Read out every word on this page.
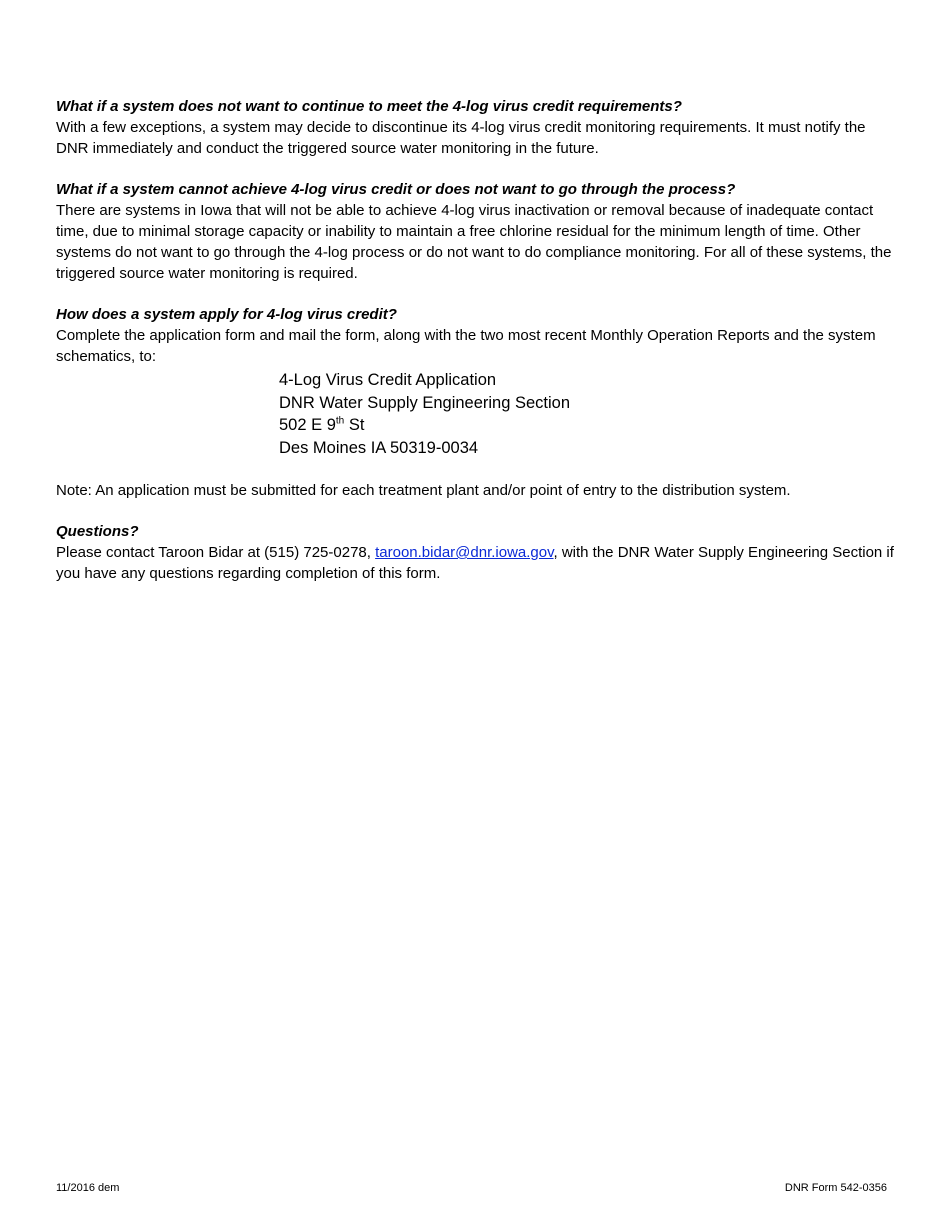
What if a system does not want to continue to meet the 4-log virus credit requirements?

With a few exceptions, a system may decide to discontinue its 4-log virus credit monitoring requirements. It must notify the DNR immediately and conduct the triggered source water monitoring in the future.

What if a system cannot achieve 4-log virus credit or does not want to go through the process?

There are systems in Iowa that will not be able to achieve 4-log virus inactivation or removal because of inadequate contact time, due to minimal storage capacity or inability to maintain a free chlorine residual for the minimum length of time. Other systems do not want to go through the 4-log process or do not want to do compliance monitoring. For all of these systems, the triggered source water monitoring is required.

How does a system apply for 4-log virus credit?

Complete the application form and mail the form, along with the two most recent Monthly Operation Reports and the system schematics, to:

4-Log Virus Credit Application
DNR Water Supply Engineering Section
502 E 9th St
Des Moines IA 50319-0034

Note: An application must be submitted for each treatment plant and/or point of entry to the distribution system.

Questions?

Please contact Taroon Bidar at (515) 725-0278, taroon.bidar@dnr.iowa.gov, with the DNR Water Supply Engineering Section if you have any questions regarding completion of this form.

11/2016 dem	DNR Form 542-0356
